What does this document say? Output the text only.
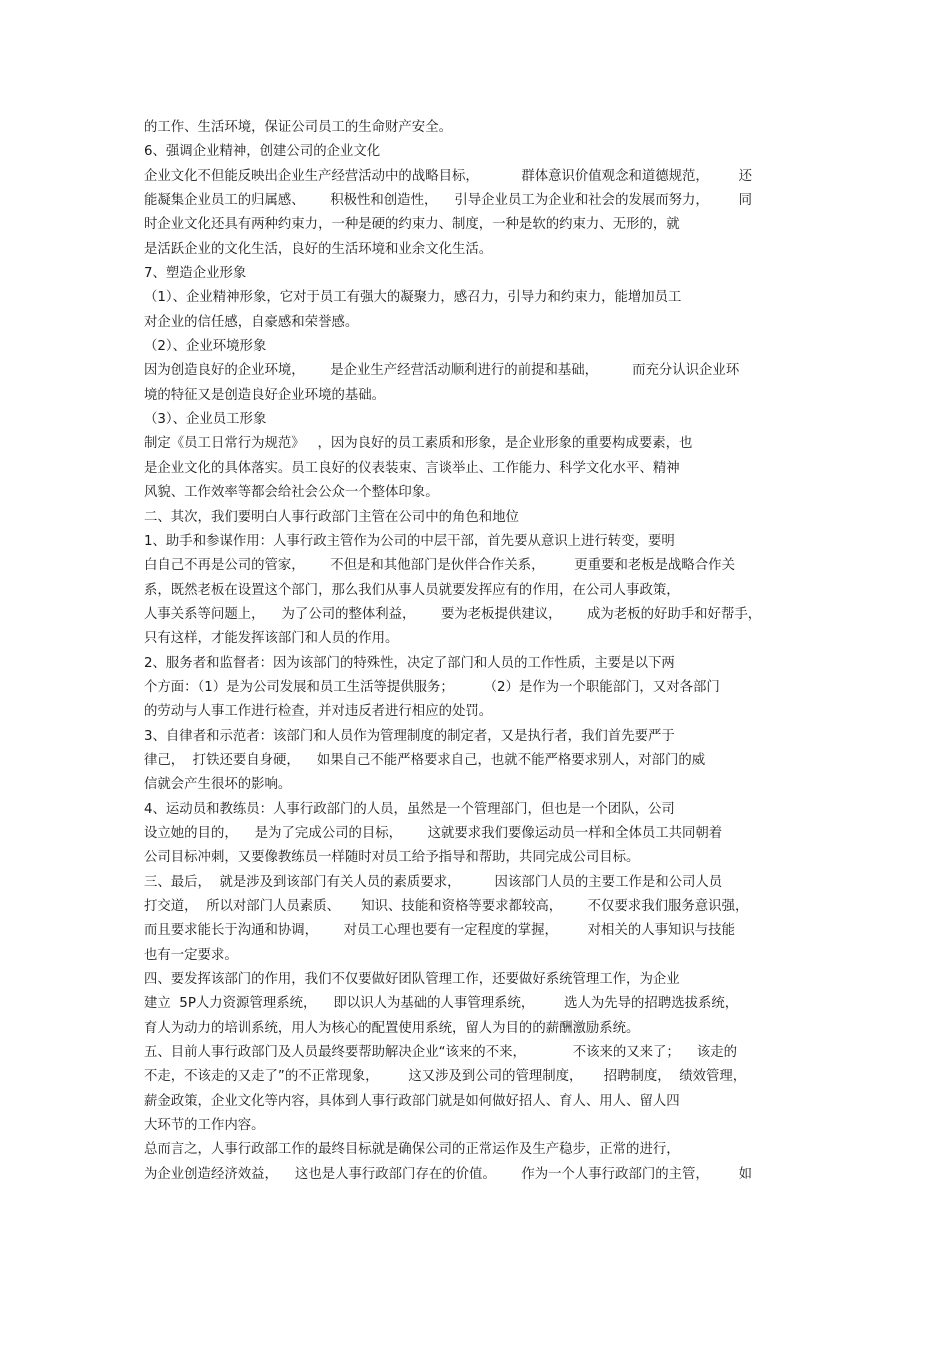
的工作、生活环境，保证公司员工的生命财产安全。
6、强调企业精神，创建公司的企业文化
企业文化不但能反映出企业生产经营活动中的战略目标，          群体意识价值观念和道德规范，       还
能凝集企业员工的归属感、      积极性和创造性，    引导企业员工为企业和社会的发展而努力，       同
时企业文化还具有两种约束力，一种是硬的约束力、制度，一种是软的约束力、无形的，就
是活跃企业的文化生活，良好的生活环境和业余文化生活。
7、塑造企业形象
（1）、企业精神形象，它对于员工有强大的凝聚力，感召力，引导力和约束力，能增加员工
对企业的信任感，自豪感和荣誉感。
（2）、企业环境形象
因为创造良好的企业环境，      是企业生产经营活动顺利进行的前提和基础，        而充分认识企业环
境的特征又是创造良好企业环境的基础。
（3）、企业员工形象
制定《员工日常行为规范》   ，因为良好的员工素质和形象，是企业形象的重要构成要素，也
是企业文化的具体落实。员工良好的仪表装束、言谈举止、工作能力、科学文化水平、精神
风貌、工作效率等都会给社会公众一个整体印象。
二、其次，我们要明白人事行政部门主管在公司中的角色和地位
1、助手和参谋作用：人事行政主管作为公司的中层干部，首先要从意识上进行转变，要明
白自己不再是公司的管家，      不但是和其他部门是伙伴合作关系，       更重要和老板是战略合作关
系，既然老板在设置这个部门，那么我们从事人员就要发挥应有的作用，在公司人事政策，
人事关系等问题上，    为了公司的整体利益，      要为老板提供建议，      成为老板的好助手和好帮手，
只有这样，才能发挥该部门和人员的作用。
2、服务者和监督者：因为该部门的特殊性，决定了部门和人员的工作性质，主要是以下两
个方面：（1）是为公司发展和员工生活等提供服务；       （2）是作为一个职能部门，又对各部门
的劳动与人事工作进行检查，并对违反者进行相应的处罚。
3、自律者和示范者：该部门和人员作为管理制度的制定者，又是执行者，我们首先要严于
律己，  打铁还要自身硬，    如果自己不能严格要求自己，也就不能严格要求别人，对部门的威
信就会产生很坏的影响。
4、运动员和教练员：人事行政部门的人员，虽然是一个管理部门，但也是一个团队，公司
设立她的目的，    是为了完成公司的目标，      这就要求我们要像运动员一样和全体员工共同朝着
公司目标冲刺，又要像教练员一样随时对员工给予指导和帮助，共同完成公司目标。
三、最后，  就是涉及到该部门有关人员的素质要求，        因该部门人员的主要工作是和公司人员
打交道，  所以对部门人员素质、     知识、技能和资格等要求都较高，      不仅要求我们服务意识强，
而且要求能长于沟通和协调，      对员工心理也要有一定程度的掌握，       对相关的人事知识与技能
也有一定要求。
四、要发挥该部门的作用，我们不仅要做好团队管理工作，还要做好系统管理工作，为企业
建立  5P人力资源管理系统，    即以识人为基础的人事管理系统，       选人为先导的招聘选拔系统，
育人为动力的培训系统，用人为核心的配置使用系统，留人为目的的薪酬激励系统。
五、目前人事行政部门及人员最终要帮助解决企业“该来的不来，           不该来的又来了；    该走的
不走，不该走的又走了”的不正常现象，       这又涉及到公司的管理制度，     招聘制度，  绩效管理，
薪金政策，企业文化等内容，具体到人事行政部门就是如何做好招人、育人、用人、留人四
大环节的工作内容。
总而言之，人事行政部工作的最终目标就是确保公司的正常运作及生产稳步，正常的进行，
为企业创造经济效益，    这也是人事行政部门存在的价值。      作为一个人事行政部门的主管，       如
